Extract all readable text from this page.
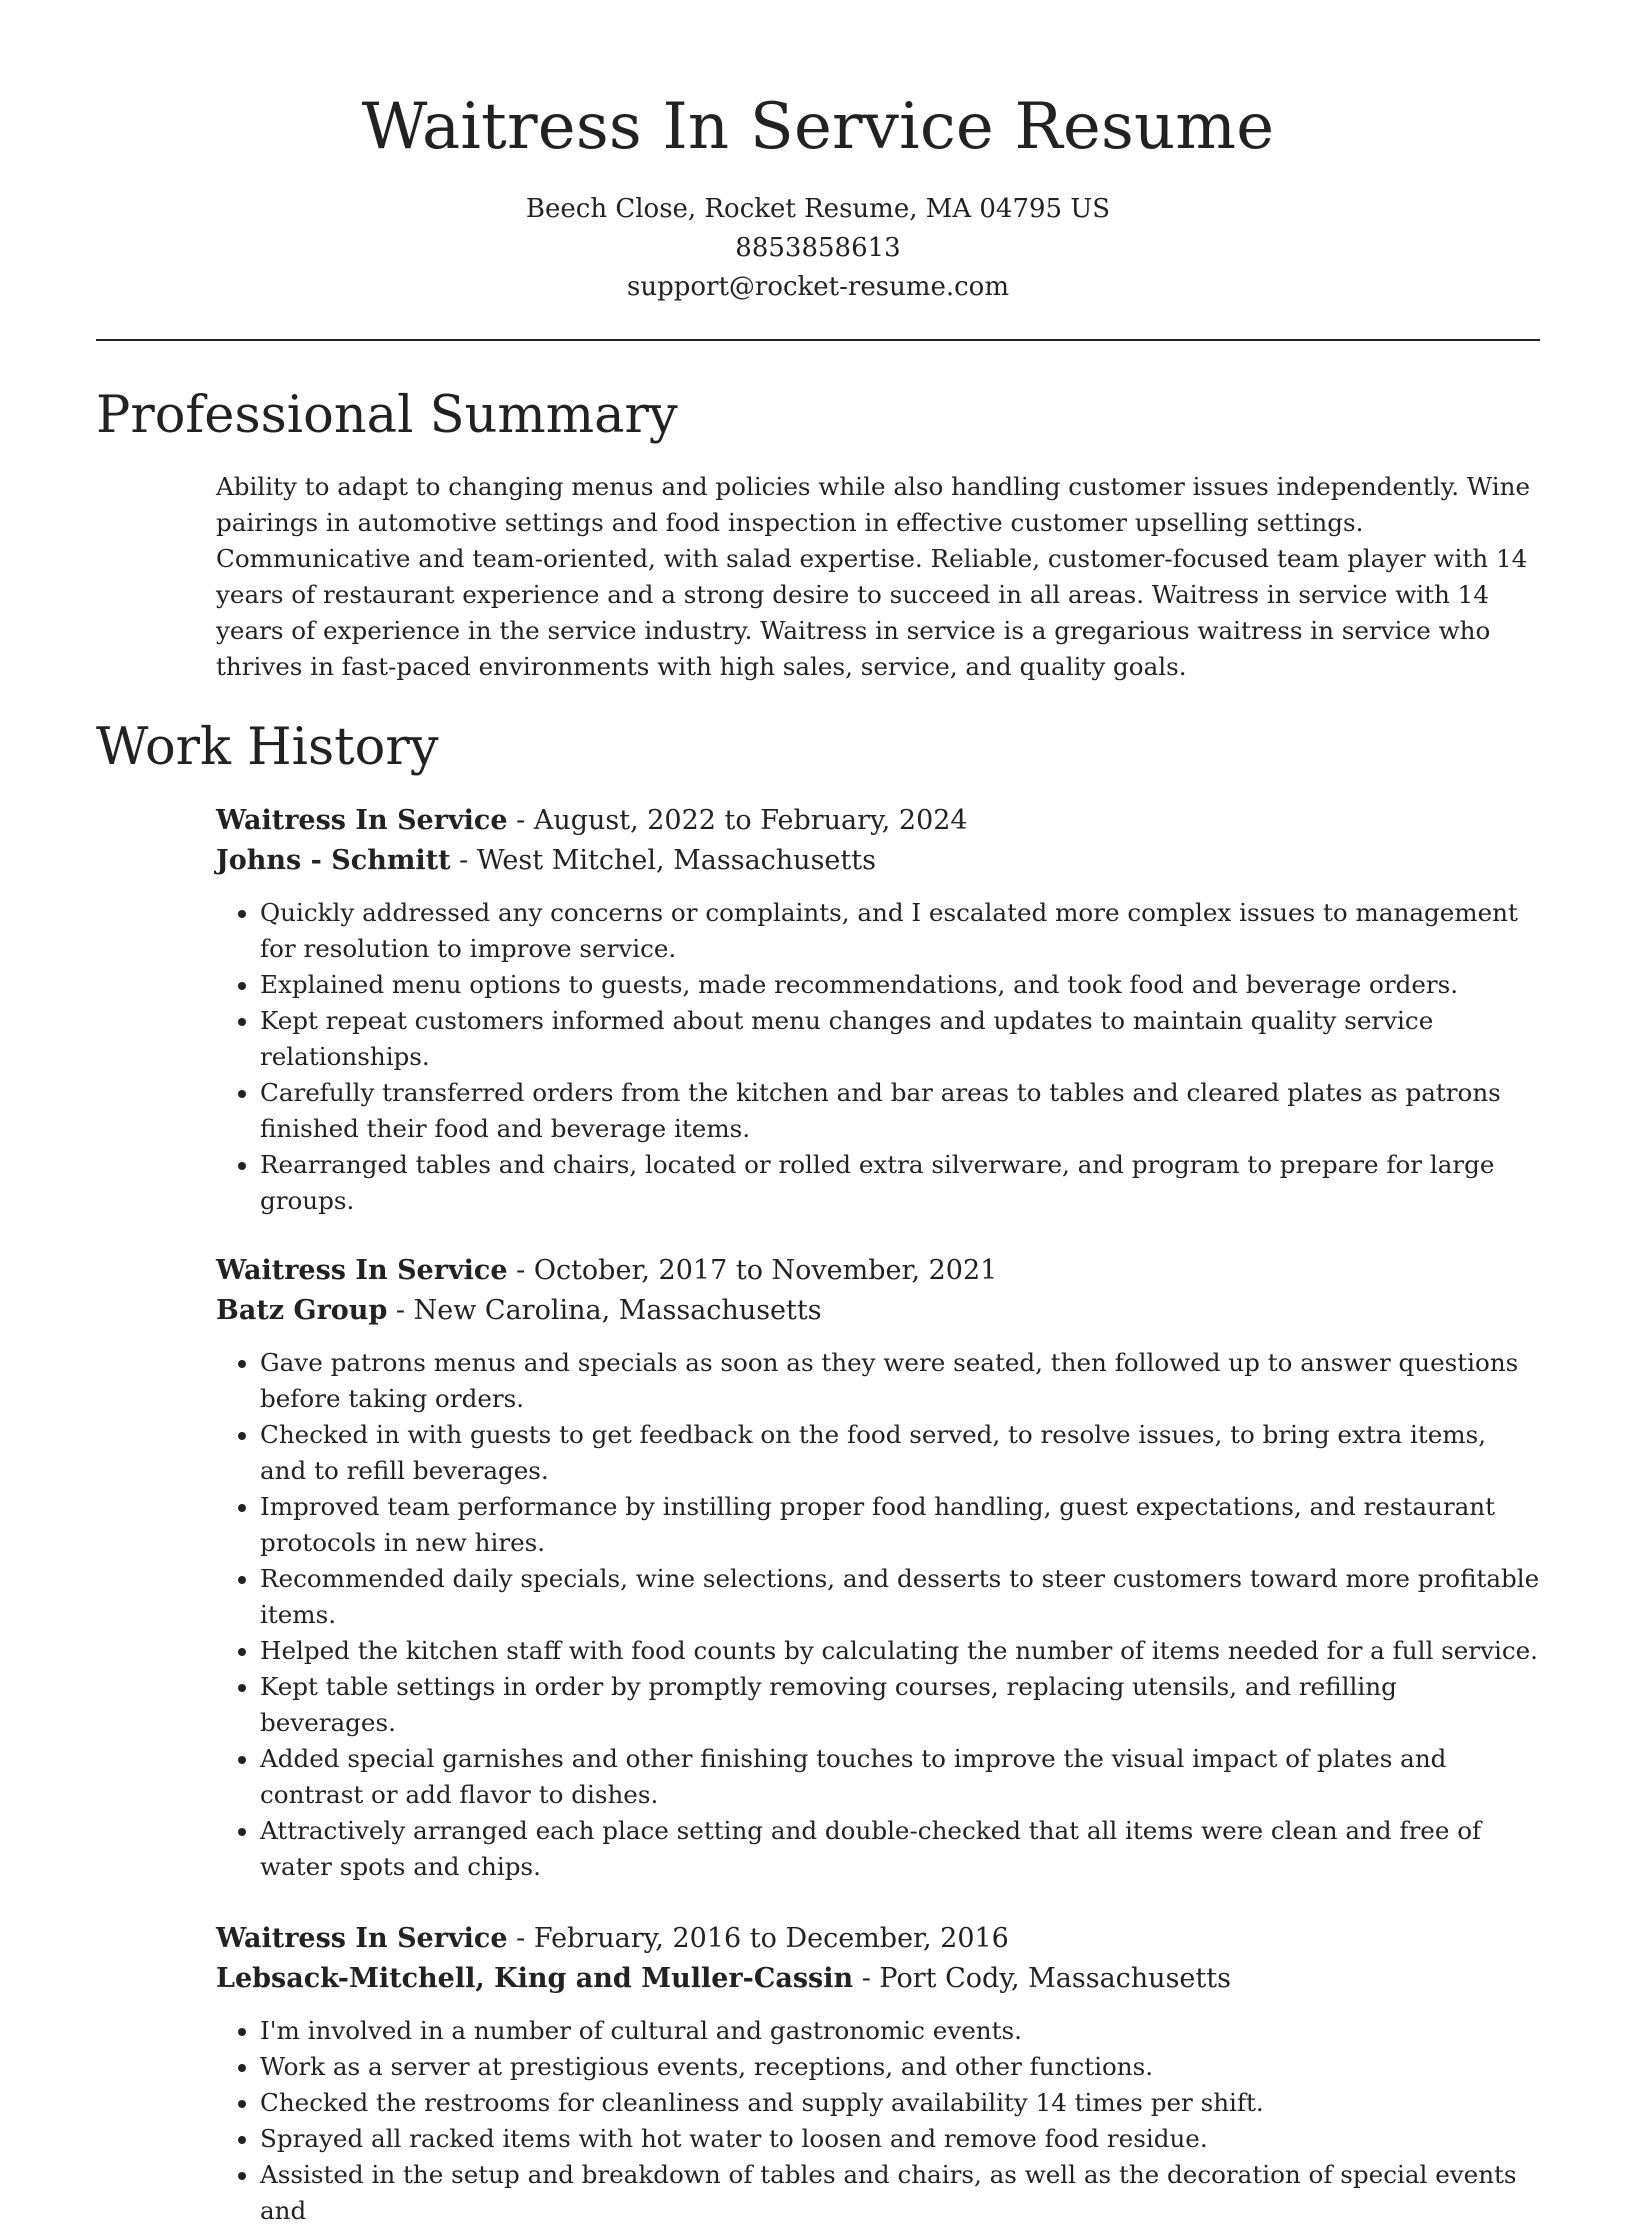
Waitress In Service Resume

Beech Close, Rocket Resume, MA 04795 US

8853858613

support@rocket-resume.com

Professional Summary

Ability to adapt to changing menus and policies while also handling customer issues independently. Wine pairings in automotive settings and food inspection in effective customer upselling settings. Communicative and team-oriented, with salad expertise. Reliable, customer-focused team player with 14 years of restaurant experience and a strong desire to succeed in all areas. Waitress in service with 14 years of experience in the service industry. Waitress in service is a gregarious waitress in service who thrives in fast-paced environments with high sales, service, and quality goals.

Work History

Waitress In Service - August, 2022 to February, 2024

Johns - Schmitt - West Mitchel, Massachusetts

• Quickly addressed any concerns or complaints, and I escalated more complex issues to management for resolution to improve service.
• Explained menu options to guests, made recommendations, and took food and beverage orders.
• Kept repeat customers informed about menu changes and updates to maintain quality service relationships.
• Carefully transferred orders from the kitchen and bar areas to tables and cleared plates as patrons finished their food and beverage items.
• Rearranged tables and chairs, located or rolled extra silverware, and program to prepare for large groups.

Waitress In Service - October, 2017 to November, 2021

Batz Group - New Carolina, Massachusetts

• Gave patrons menus and specials as soon as they were seated, then followed up to answer questions before taking orders.
• Checked in with guests to get feedback on the food served, to resolve issues, to bring extra items, and to refill beverages.
• Improved team performance by instilling proper food handling, guest expectations, and restaurant protocols in new hires.
• Recommended daily specials, wine selections, and desserts to steer customers toward more profitable items.
• Helped the kitchen staff with food counts by calculating the number of items needed for a full service.
• Kept table settings in order by promptly removing courses, replacing utensils, and refilling beverages.
• Added special garnishes and other finishing touches to improve the visual impact of plates and contrast or add flavor to dishes.
• Attractively arranged each place setting and double-checked that all items were clean and free of water spots and chips.

Waitress In Service - February, 2016 to December, 2016

Lebsack-Mitchell, King and Muller-Cassin - Port Cody, Massachusetts

• I'm involved in a number of cultural and gastronomic events.
• Work as a server at prestigious events, receptions, and other functions.
• Checked the restrooms for cleanliness and supply availability 14 times per shift.
• Sprayed all racked items with hot water to loosen and remove food residue.
• Assisted in the setup and breakdown of tables and chairs, as well as the decoration of special events and
